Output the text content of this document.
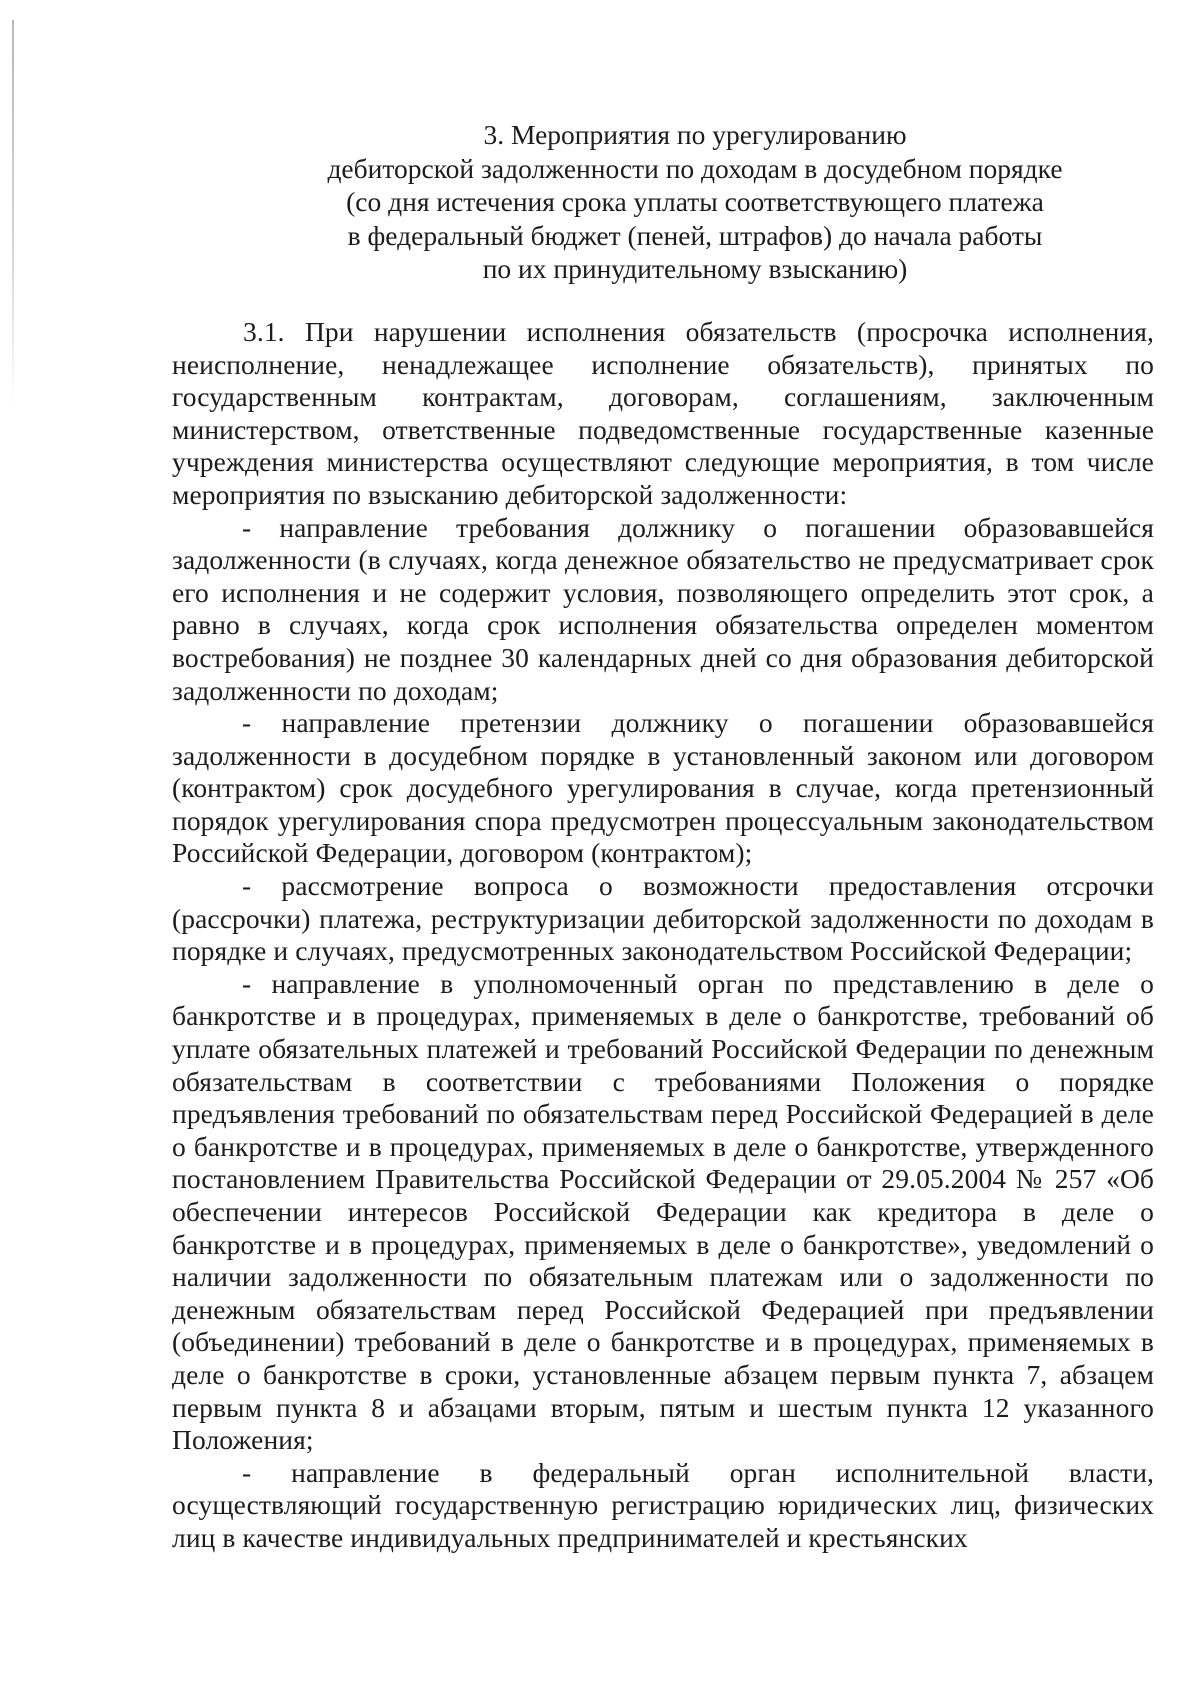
3. Мероприятия по урегулированию
дебиторской задолженности по доходам в досудебном порядке
(со дня истечения срока уплаты соответствующего платежа
в федеральный бюджет (пеней, штрафов) до начала работы
по их принудительному взысканию)

3.1. При нарушении исполнения обязательств (просрочка исполнения, неисполнение, ненадлежащее исполнение обязательств), принятых по государственным контрактам, договорам, соглашениям, заключенным министерством, ответственные подведомственные государственные казенные учреждения министерства осуществляют следующие мероприятия, в том числе мероприятия по взысканию дебиторской задолженности:

- направление требования должнику о погашении образовавшейся задолженности (в случаях, когда денежное обязательство не предусматривает срок его исполнения и не содержит условия, позволяющего определить этот срок, а равно в случаях, когда срок исполнения обязательства определен моментом востребования) не позднее 30 календарных дней со дня образования дебиторской задолженности по доходам;

- направление претензии должнику о погашении образовавшейся задолженности в досудебном порядке в установленный законом или договором (контрактом) срок досудебного урегулирования в случае, когда претензионный порядок урегулирования спора предусмотрен процессуальным законодательством Российской Федерации, договором (контрактом);

- рассмотрение вопроса о возможности предоставления отсрочки (рассрочки) платежа, реструктуризации дебиторской задолженности по доходам в порядке и случаях, предусмотренных законодательством Российской Федерации;

- направление в уполномоченный орган по представлению в деле о банкротстве и в процедурах, применяемых в деле о банкротстве, требований об уплате обязательных платежей и требований Российской Федерации по денежным обязательствам в соответствии с требованиями Положения о порядке предъявления требований по обязательствам перед Российской Федерацией в деле о банкротстве и в процедурах, применяемых в деле о банкротстве, утвержденного постановлением Правительства Российской Федерации от 29.05.2004 № 257 «Об обеспечении интересов Российской Федерации как кредитора в деле о банкротстве и в процедурах, применяемых в деле о банкротстве», уведомлений о наличии задолженности по обязательным платежам или о задолженности по денежным обязательствам перед Российской Федерацией при предъявлении (объединении) требований в деле о банкротстве и в процедурах, применяемых в деле о банкротстве в сроки, установленные абзацем первым пункта 7, абзацем первым пункта 8 и абзацами вторым, пятым и шестым пункта 12 указанного Положения;

- направление в федеральный орган исполнительной власти, осуществляющий государственную регистрацию юридических лиц, физических лиц в качестве индивидуальных предпринимателей и крестьянских
